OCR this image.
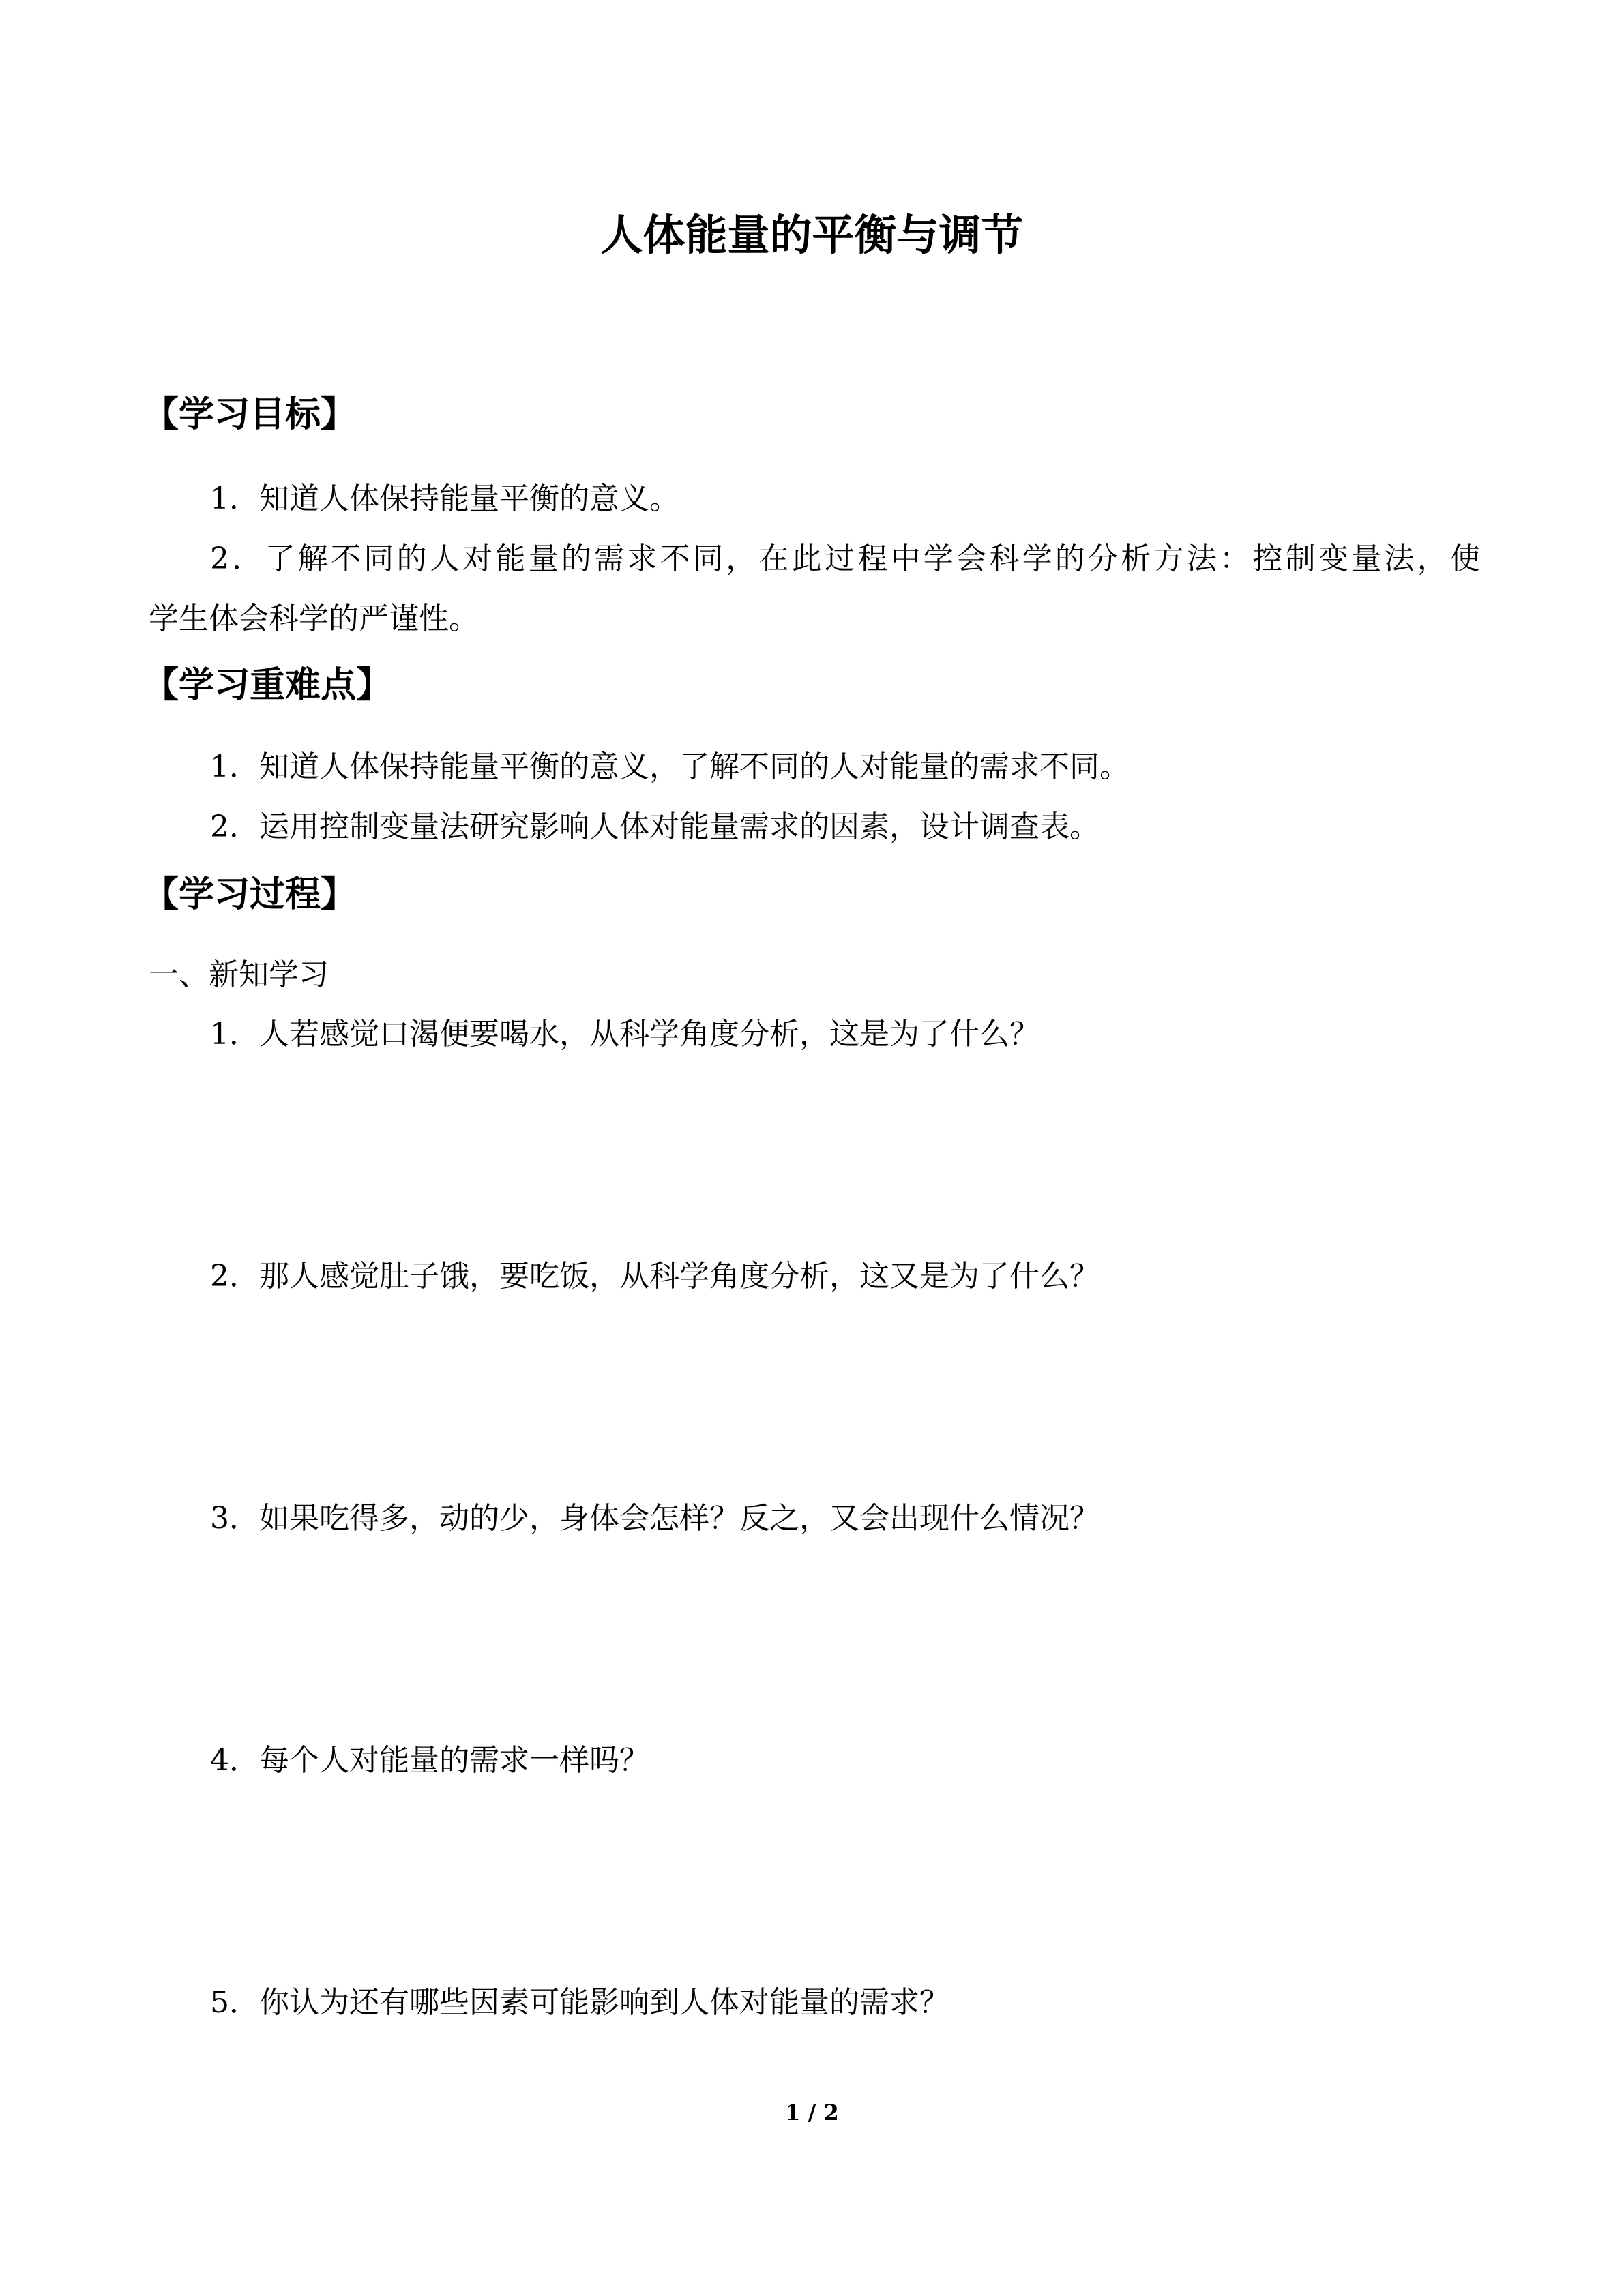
人体能量的平衡与调节
【学习目标】
1．知道人体保持能量平衡的意义。
2．了解不同的人对能量的需求不同，在此过程中学会科学的分析方法：控制变量法，使
学生体会科学的严谨性。
【学习重难点】
1．知道人体保持能量平衡的意义，了解不同的人对能量的需求不同。
2．运用控制变量法研究影响人体对能量需求的因素，设计调查表。
【学习过程】
一、新知学习
1．人若感觉口渴便要喝水，从科学角度分析，这是为了什么？
2．那人感觉肚子饿，要吃饭，从科学角度分析，这又是为了什么？
3．如果吃得多，动的少，身体会怎样？反之，又会出现什么情况？
4．每个人对能量的需求一样吗？
5．你认为还有哪些因素可能影响到人体对能量的需求？
1 / 2
